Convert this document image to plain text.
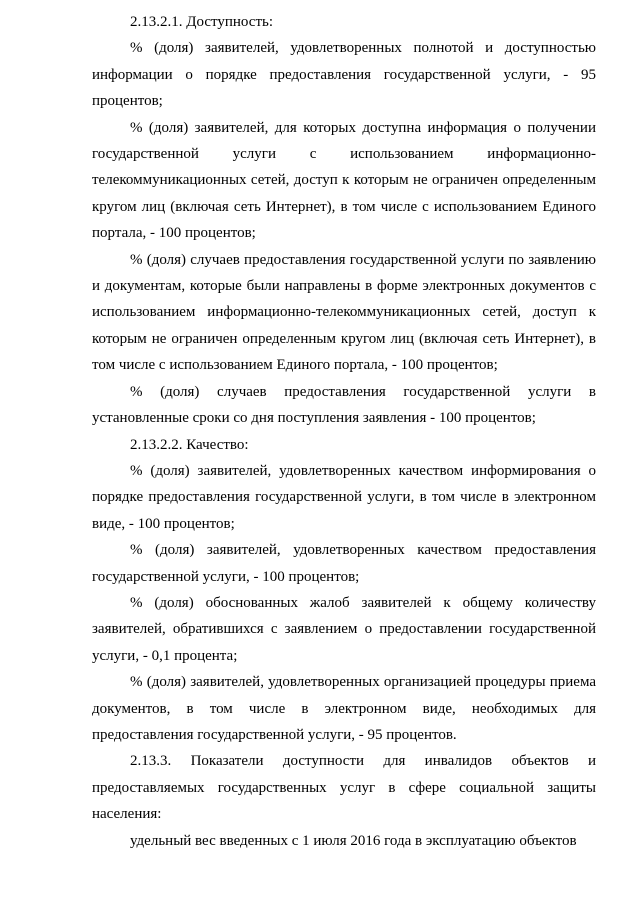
2.13.2.1. Доступность:

% (доля) заявителей, удовлетворенных полнотой и доступностью информации о порядке предоставления государственной услуги, - 95 процентов;

% (доля) заявителей, для которых доступна информация о получении государственной услуги с использованием информационно-телекоммуникационных сетей, доступ к которым не ограничен определенным кругом лиц (включая сеть Интернет), в том числе с использованием Единого портала, - 100 процентов;

% (доля) случаев предоставления государственной услуги по заявлению и документам, которые были направлены в форме электронных документов с использованием информационно-телекоммуникационных сетей, доступ к которым не ограничен определенным кругом лиц (включая сеть Интернет), в том числе с использованием Единого портала, - 100 процентов;

% (доля) случаев предоставления государственной услуги в установленные сроки со дня поступления заявления - 100 процентов;

2.13.2.2. Качество:

% (доля) заявителей, удовлетворенных качеством информирования о порядке предоставления государственной услуги, в том числе в электронном виде, - 100 процентов;

% (доля) заявителей, удовлетворенных качеством предоставления государственной услуги, - 100 процентов;

% (доля) обоснованных жалоб заявителей к общему количеству заявителей, обратившихся с заявлением о предоставлении государственной услуги, - 0,1 процента;

% (доля) заявителей, удовлетворенных организацией процедуры приема документов, в том числе в электронном виде, необходимых для предоставления государственной услуги, - 95 процентов.

2.13.3. Показатели доступности для инвалидов объектов и предоставляемых государственных услуг в сфере социальной защиты населения:

удельный вес введенных с 1 июля 2016 года в эксплуатацию объектов
